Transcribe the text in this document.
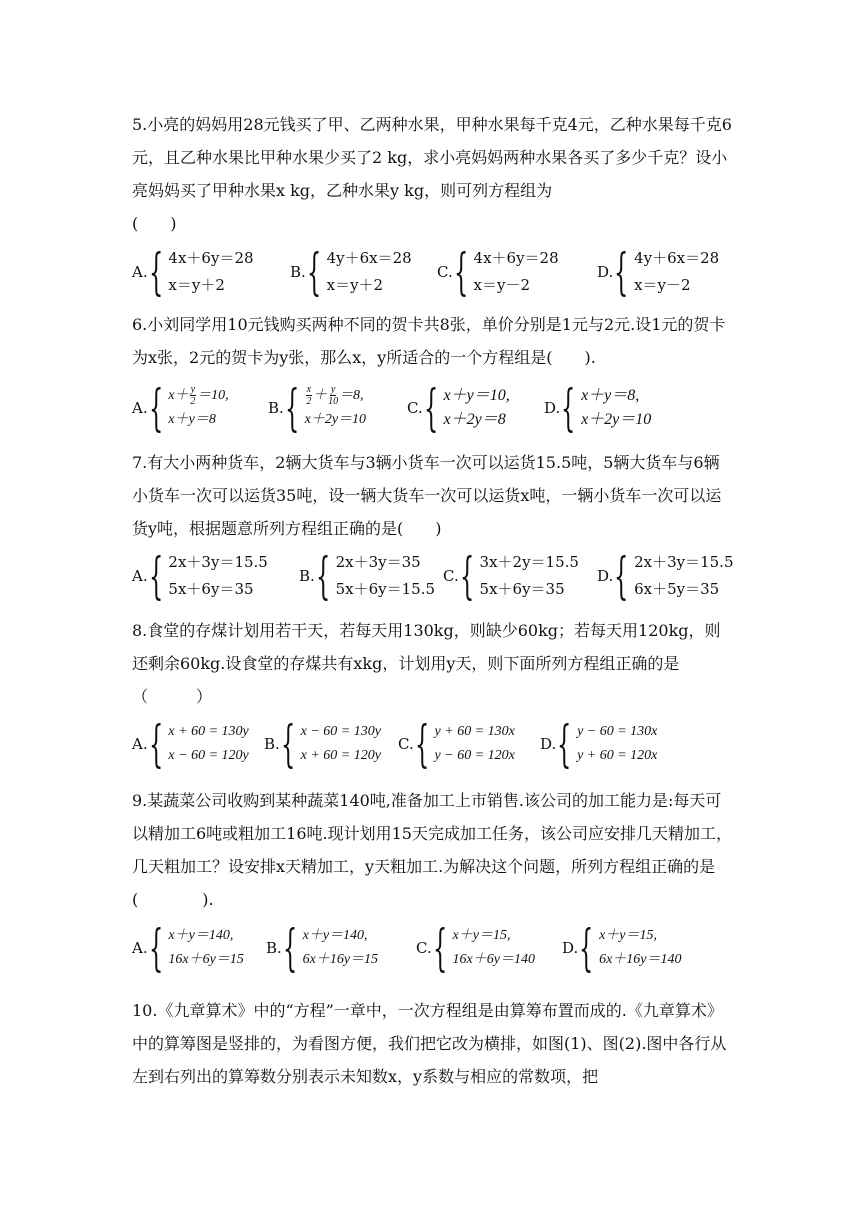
5.小亮的妈妈用28元钱买了甲、乙两种水果，甲种水果每千克4元，乙种水果每千克6元，且乙种水果比甲种水果少买了2 kg，求小亮妈妈两种水果各买了多少千克？设小亮妈妈买了甲种水果x kg，乙种水果y kg，则可列方程组为
(　　)

A. { 4x＋6y＝28
x＝y＋2
B. { 4y＋6x＝28
x＝y＋2
C. { 4x＋6y＝28
x＝y－2
D. { 4y＋6x＝28
x＝y－2

6.小刘同学用10元钱购买两种不同的贺卡共8张，单价分别是1元与2元.设1元的贺卡为x张，2元的贺卡为y张，那么x，y所适合的一个方程组是(　　).

A. { $x+ \frac{y}{2} =10$,
x＋y＝8
B. { $\frac{x}{2} + \frac{y}{10} =8$,
x＋2y＝10
C. { x＋y＝10,
x＋2y＝8
D. { x＋y＝8,
x＋2y＝10

7.有大小两种货车，2辆大货车与3辆小货车一次可以运货15.5吨，5辆大货车与6辆小货车一次可以运货35吨，设一辆大货车一次可以运货x吨，一辆小货车一次可以运货y吨，根据题意所列方程组正确的是(　　)

A. { 2x＋3y＝15.5
5x＋6y＝35
B. { 2x＋3y＝35
5x＋6y＝15.5
C. { 3x＋2y＝15.5
5x＋6y＝35
D. { 2x＋3y＝15.5
6x＋5y＝35

8.食堂的存煤计划用若干天，若每天用130kg，则缺少60kg；若每天用120kg，则还剩余60kg.设食堂的存煤共有xkg，计划用y天，则下面所列方程组正确的是（　　　）

A. { x + 60 = 130y
x − 60 = 120y
B. { x − 60 = 130y
x + 60 = 120y
C. { y + 60 = 130x
y − 60 = 120x
D. { y − 60 = 130x
y + 60 = 120x

9.某蔬菜公司收购到某种蔬菜140吨,准备加工上市销售.该公司的加工能力是:每天可以精加工6吨或粗加工16吨.现计划用15天完成加工任务，该公司应安排几天精加工，几天粗加工？设安排x天精加工，y天粗加工.为解决这个问题，所列方程组正确的是(　　　　).

A. { x＋y＝140,
16x＋6y＝15
B. { x＋y＝140,
6x＋16y＝15
C. { x＋y＝15,
16x＋6y＝140
D. { x＋y＝15,
6x＋16y＝140

10.《九章算术》中的“方程”一章中，一次方程组是由算筹布置而成的.《九章算术》中的算筹图是竖排的，为看图方便，我们把它改为横排，如图(1)、图(2).图中各行从左到右列出的算筹数分别表示未知数x，y系数与相应的常数项，把
